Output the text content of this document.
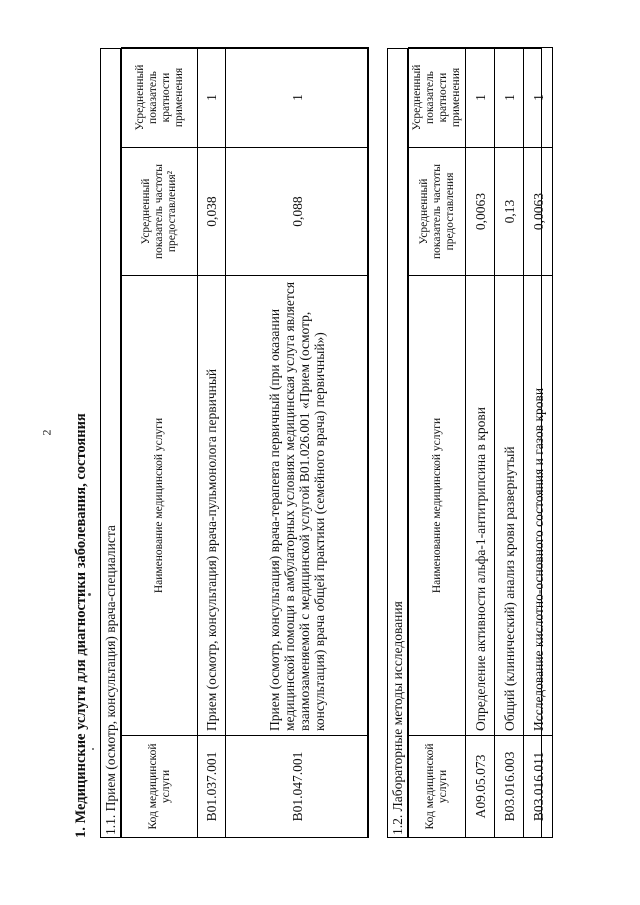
2 1. Медицинские услуги для диагностики заболевания, состояния 1.1. Прием (осмотр, консультация) врача-специалиста Код медицинской услуги	Наименование медицинской услуги	Усредненный показатель частоты предоставления²	Усредненный показатель кратности применения
B01.037.001	Прием (осмотр, консультация) врача-пульмонолога первичный	0,038	1
B01.047.001	Прием (осмотр, консультация) врача-терапевта первичный (при оказании медицинской помощи в амбулаторных условиях медицинская услуга является взаимозаменяемой с медицинской услугой B01.026.001 «Прием (осмотр, консультация) врача общей практики (семейного врача) первичный»)	0,088	1
1.2. Лабораторные методы исследования Код медицинской услуги	Наименование медицинской услуги	Усредненный показатель частоты предоставления	Усредненный показатель кратности применения
A09.05.073	Определение активности альфа-1-антитрипсина в крови	0,0063	1
B03.016.003	Общий (клинический) анализ крови развернутый	0,13	1
B03.016.011	Исследование кислотно-основного состояния и газов крови	0,0063	1
